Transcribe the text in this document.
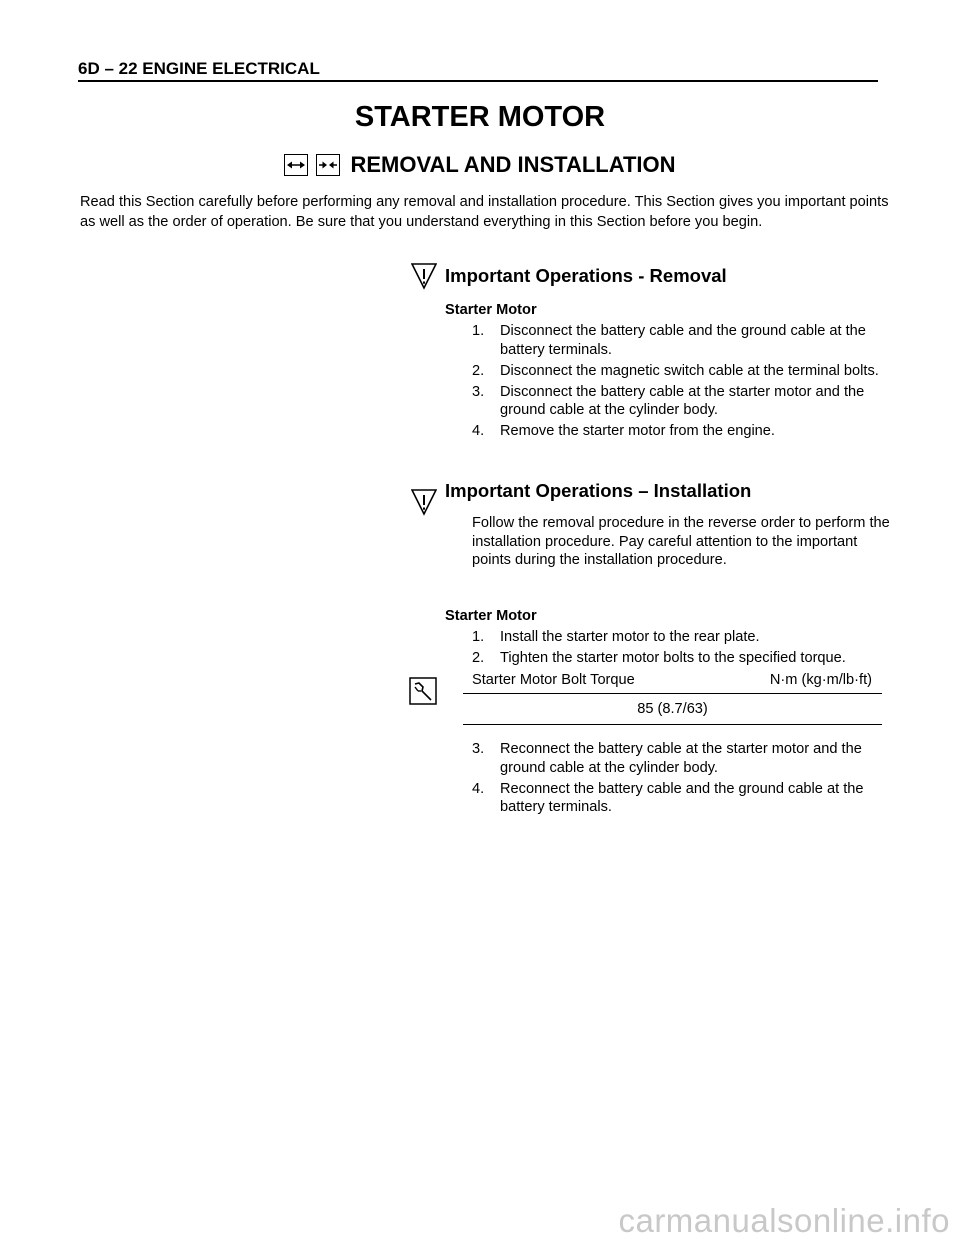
6D – 22 ENGINE ELECTRICAL
STARTER MOTOR
REMOVAL AND INSTALLATION
Read this Section carefully before performing any removal and installation procedure. This Section gives you important points as well as the order of operation. Be sure that you understand everything in this Section before you begin.
Important Operations - Removal
Starter Motor
1. Disconnect the battery cable and the ground cable at the battery terminals.
2. Disconnect the magnetic switch cable at the terminal bolts.
3. Disconnect the battery cable at the starter motor and the ground cable at the cylinder body.
4. Remove the starter motor from the engine.
Important Operations – Installation
Follow the removal procedure in the reverse order to perform the installation procedure. Pay careful attention to the important points during the installation procedure.
Starter Motor
1. Install the starter motor to the rear plate.
2. Tighten the starter motor bolts to the specified torque.
Starter Motor Bolt Torque	N·m (kg·m/lb·ft)
85 (8.7/63)
3. Reconnect the battery cable at the starter motor and the ground cable at the cylinder body.
4. Reconnect the battery cable and the ground cable at the battery terminals.
carmanualsonline.info
